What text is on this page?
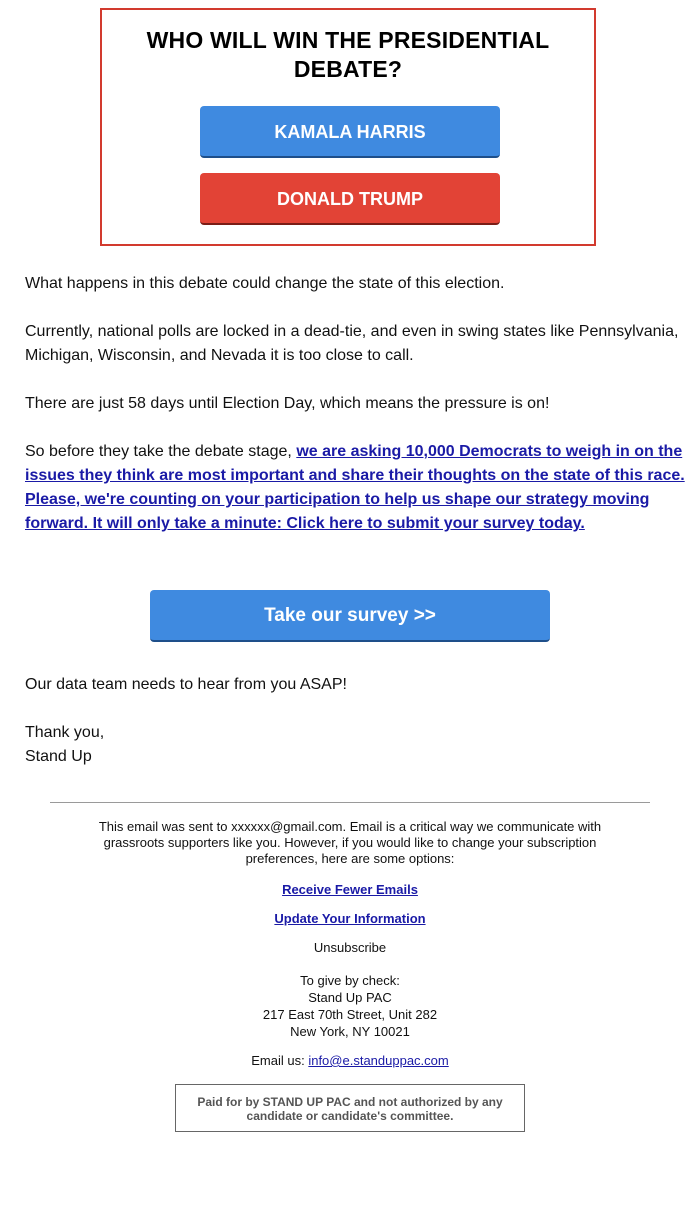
WHO WILL WIN THE PRESIDENTIAL
DEBATE?
KAMALA HARRIS
DONALD TRUMP

What happens in this debate could change the state of this election.

Currently, national polls are locked in a dead-tie, and even in swing states like Pennsylvania, Michigan, Wisconsin, and Nevada it is too close to call.

There are just 58 days until Election Day, which means the pressure is on!

So before they take the debate stage, we are asking 10,000 Democrats to weigh in on the issues they think are most important and share their thoughts on the state of this race. Please, we're counting on your participation to help us shape our strategy moving forward. It will only take a minute: Click here to submit your survey today.

Take our survey >>

Our data team needs to hear from you ASAP!

Thank you,
Stand Up

This email was sent to xxxxxx@gmail.com. Email is a critical way we communicate with grassroots supporters like you. However, if you would like to change your subscription preferences, here are some options:

Receive Fewer Emails

Update Your Information

Unsubscribe

To give by check:
Stand Up PAC
217 East 70th Street, Unit 282
New York, NY 10021

Email us: info@e.standuppac.com

Paid for by STAND UP PAC and not authorized by any candidate or candidate's committee.
